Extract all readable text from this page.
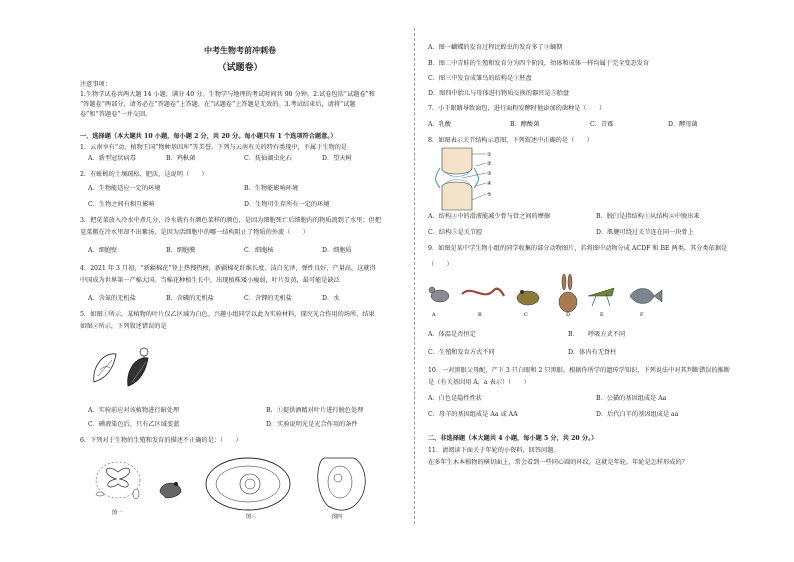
中考生物考前冲刺卷
（试题卷）
注意事项：
1.生物学试卷共两大题 14 小题，满分 40 分。生物学与地理的考试时间共 90 分钟。2.试卷包括“试题卷”和
“答题卷”两部分，请务必在“答题卷”上答题，在“试题卷”上答题是无效的。3.考试结束后，请将“试题
卷”和“答题卷”一并交回。
一、选择题（本大题共 10 小题，每小题 2 分，共 20 分。每小题只有 1 个选项符合题意。）
1．云南享有“动、植物王国”物种基因库”等美誉。下列与云南有关的特有类现中，不属于生物的是
A．新型冠状病毒	B．鸡枞菌	C．抚仙湖虫化石	D．望天树
2．有蚯蚓的土壤疏松、肥沃，这说明（　　）
A．生物能适应一定的环境	B．生物能影响环境
C．生物之间有相互影响	D．生物可生存所有一定的环境
3．把苋菜放入冷水中煮几分，冷水就有有颜色菜样的颜色，是因为细胞死亡后细胞内的物质流到了水里；但把
苋菜搬在冷水里却不出紫汤，是因为活细胞中的哪一结构阻止了物质的外流（　　）
A．细胞壁	B．细胞膜	C．细胞核	D．细胞质
4．2021 年 3 月初，“新疆棉花”登上热搜热榜，新疆棉花纤维长度、洁白光泽，弹性良好，产量高，这就得
中国成为世界第一产棉大国。当棉花种植生长中，出现植株矮小瘦弱，叶片发黄，最可能是缺泛
A．含氮的无机盐	B．含磷的无机盐	C．含钾的无机盐	D．水
5．如图①所示，某植物的叶片仅乙区域为白色。兴趣小组同学以此为实验材料，探究光合作用的场所，结果
如图②所示，下列叙述错误的是
A．实验前应对该植物进行暗处理	B．①提供酒精对叶片进行脱色处理
C．碘液染色后，只有乙区域变蓝	D．实验说明光是光合作用的条件
6．下列对于生物的生殖和发育的描述不正确的是：（　　）
图一
图三	图四
A．图一蝴蝶的发育过程比蝗虫的发育多了③蛹期
B．图二中青蛙的生殖和发育分为四个阶段，幼体和成体一样均属于完全变态发育
C．图三中发育成雏鸟的结构是①胚盘
D．图四中胎儿与母体进行物质交换的器官是⑤胎盘
7．小王眼睛导致面包，进行面粉发酵时他添加的菌种是（　　）
A．乳酸	B．酵酸菌	C．青霉	D．酵母菌
8．如图表示关节结构示意图，下列叙述中正确的是（　　）
①
②
③
④
⑤
A．结构③中的滑液能减少骨与骨之间的摩擦	B．脱臼是指结构①从结构④中脱出来
C．结构⑤是关节腔	D．肌腱可绕过关节连在同一块骨上
9．如图是某中学生物小组的同学收集的部分动物图片，若将图中动物分成 ACDF 和 BE 两类，其分类依据是
（　　）
A	B	C	D	E	F
A．体温是否恒定	B．　　呼吸方式不同
C．生殖和发育方式不同	D．体内有无脊柱
10．一对黑眼父母配，产下 3 只白眼和 2 只黑眼。根据你所学的遗传学知识，下列说法中对其判断错误的推断
是（有关基因用 A，a 表示）（　　）
A．白色是隐性性状	B．公猫的基因组成是 Aa
C．母羊的基因组成是 Aa 或 AA	D．后代白羊的基因组成是 aa
二、非选择题（本大题共 4 小题，每小题 5 分，共 20 分。）
11．请阅读下面关于年轮的小资料，回答问题。
在多年生木本植物的横切面上，常会看到一些同心圆的环纹，这就是年轮。年轮是怎样形成的？
